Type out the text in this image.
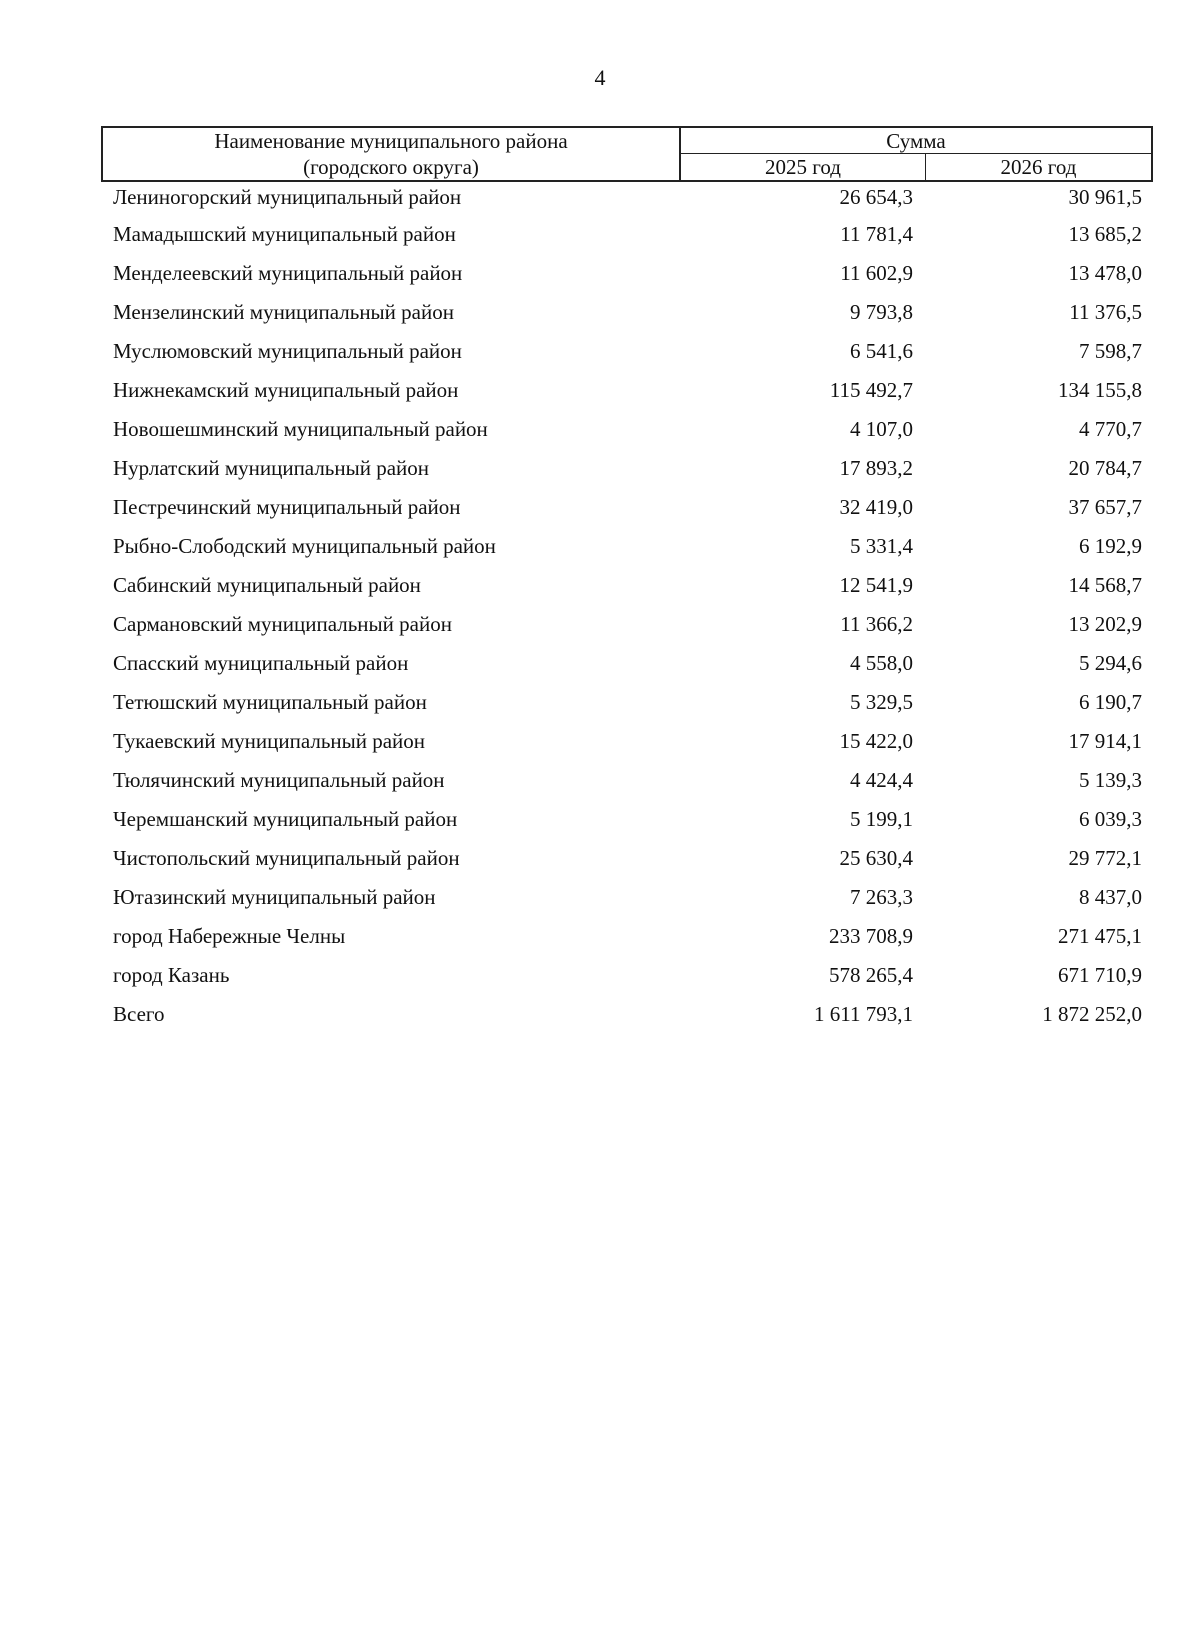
4
Наименование муниципального района
(городского округа)
Сумма
2025 год	2026 год
Лениногорский муниципальный район	26 654,3	30 961,5
Мамадышский муниципальный район	11 781,4	13 685,2
Менделеевский муниципальный район	11 602,9	13 478,0
Мензелинский муниципальный район	9 793,8	11 376,5
Муслюмовский муниципальный район	6 541,6	7 598,7
Нижнекамский муниципальный район	115 492,7	134 155,8
Новошешминский муниципальный район	4 107,0	4 770,7
Нурлатский муниципальный район	17 893,2	20 784,7
Пестречинский муниципальный район	32 419,0	37 657,7
Рыбно-Слободский муниципальный район	5 331,4	6 192,9
Сабинский муниципальный район	12 541,9	14 568,7
Сармановский муниципальный район	11 366,2	13 202,9
Спасский муниципальный район	4 558,0	5 294,6
Тетюшский муниципальный район	5 329,5	6 190,7
Тукаевский муниципальный район	15 422,0	17 914,1
Тюлячинский муниципальный район	4 424,4	5 139,3
Черемшанский муниципальный район	5 199,1	6 039,3
Чистопольский муниципальный район	25 630,4	29 772,1
Ютазинский муниципальный район	7 263,3	8 437,0
город Набережные Челны	233 708,9	271 475,1
город Казань	578 265,4	671 710,9
Всего	1 611 793,1	1 872 252,0
